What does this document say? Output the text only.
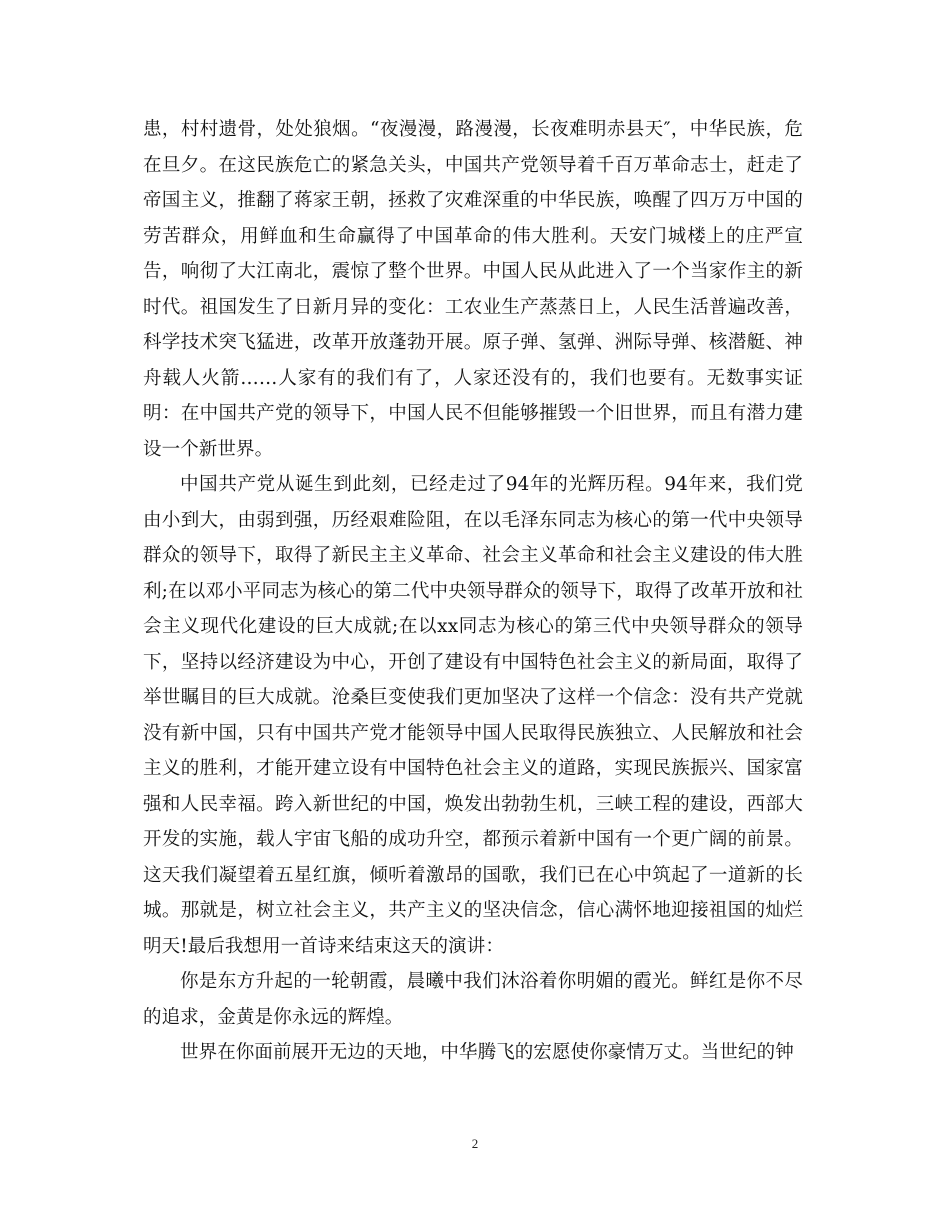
患，村村遗骨，处处狼烟。“夜漫漫，路漫漫，长夜难明赤县天″，中华民族，危在旦夕。在这民族危亡的紧急关头，中国共产党领导着千百万革命志士，赶走了帝国主义，推翻了蒋家王朝，拯救了灾难深重的中华民族，唤醒了四万万中国的劳苦群众，用鲜血和生命赢得了中国革命的伟大胜利。天安门城楼上的庄严宣告，响彻了大江南北，震惊了整个世界。中国人民从此进入了一个当家作主的新时代。祖国发生了日新月异的变化：工农业生产蒸蒸日上，人民生活普遍改善，科学技术突飞猛进，改革开放蓬勃开展。原子弹、氢弹、洲际导弹、核潜艇、神舟载人火箭……人家有的我们有了，人家还没有的，我们也要有。无数事实证明：在中国共产党的领导下，中国人民不但能够摧毁一个旧世界，而且有潜力建设一个新世界。

中国共产党从诞生到此刻，已经走过了94年的光辉历程。94年来，我们党由小到大，由弱到强，历经艰难险阻，在以毛泽东同志为核心的第一代中央领导群众的领导下，取得了新民主主义革命、社会主义革命和社会主义建设的伟大胜利;在以邓小平同志为核心的第二代中央领导群众的领导下，取得了改革开放和社会主义现代化建设的巨大成就;在以xx同志为核心的第三代中央领导群众的领导下，坚持以经济建设为中心，开创了建设有中国特色社会主义的新局面，取得了举世瞩目的巨大成就。沧桑巨变使我们更加坚决了这样一个信念：没有共产党就没有新中国，只有中国共产党才能领导中国人民取得民族独立、人民解放和社会主义的胜利，才能开建立设有中国特色社会主义的道路，实现民族振兴、国家富强和人民幸福。跨入新世纪的中国，焕发出勃勃生机，三峡工程的建设，西部大开发的实施，载人宇宙飞船的成功升空，都预示着新中国有一个更广阔的前景。这天我们凝望着五星红旗，倾听着激昂的国歌，我们已在心中筑起了一道新的长城。那就是，树立社会主义，共产主义的坚决信念，信心满怀地迎接祖国的灿烂明天!最后我想用一首诗来结束这天的演讲：

你是东方升起的一轮朝霞，晨曦中我们沐浴着你明媚的霞光。鲜红是你不尽的追求，金黄是你永远的辉煌。

世界在你面前展开无边的天地，中华腾飞的宏愿使你豪情万丈。当世纪的钟

2
